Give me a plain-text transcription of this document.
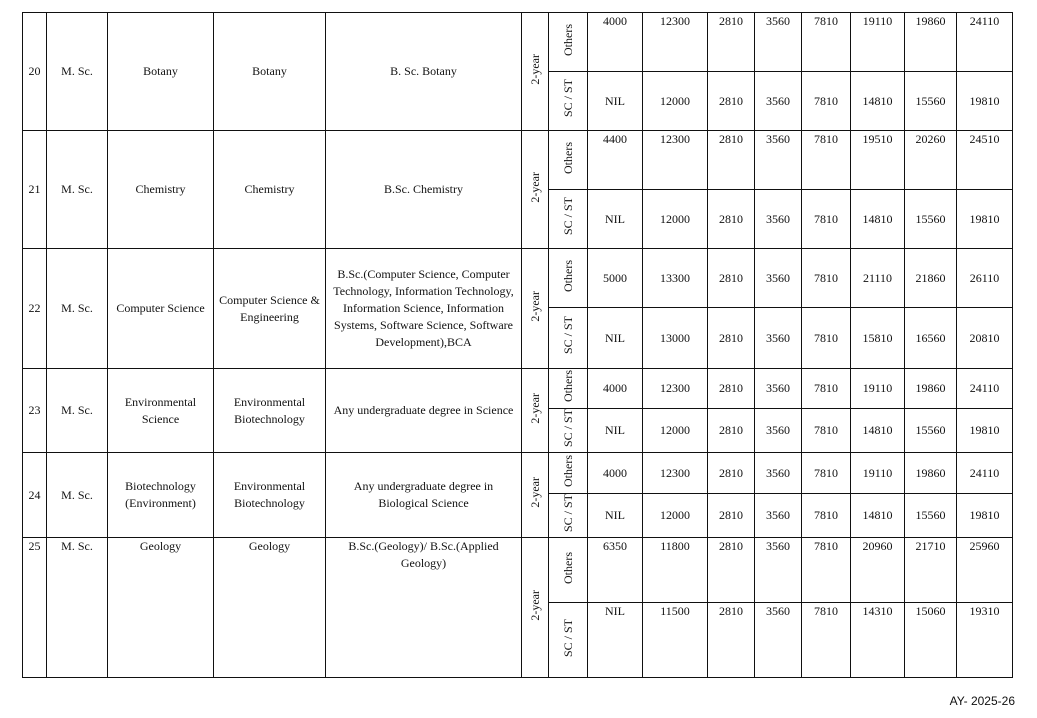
20	M. Sc.	Botany	Botany	B. Sc. Botany	2-year	Others	4000	12300	2810	3560	7810	19110	19860	24110
						SC / ST	NIL	12000	2810	3560	7810	14810	15560	19810
21	M. Sc.	Chemistry	Chemistry	B.Sc. Chemistry	2-year	Others	4400	12300	2810	3560	7810	19510	20260	24510
						SC / ST	NIL	12000	2810	3560	7810	14810	15560	19810
22	M. Sc.	Computer Science	Computer Science & Engineering	B.Sc.(Computer Science, Computer Technology, Information Technology, Information Science, Information Systems, Software Science, Software Development),BCA	2-year	Others	5000	13300	2810	3560	7810	21110	21860	26110
						SC / ST	NIL	13000	2810	3560	7810	15810	16560	20810
23	M. Sc.	Environmental Science	Environmental Biotechnology	Any undergraduate degree in Science	2-year	Others	4000	12300	2810	3560	7810	19110	19860	24110
						SC / ST	NIL	12000	2810	3560	7810	14810	15560	19810
24	M. Sc.	Biotechnology (Environment)	Environmental Biotechnology	Any undergraduate degree in Biological Science	2-year	Others	4000	12300	2810	3560	7810	19110	19860	24110
						SC / ST	NIL	12000	2810	3560	7810	14810	15560	19810
25	M. Sc.	Geology	Geology	B.Sc.(Geology)/ B.Sc.(Applied Geology)	2-year	Others	6350	11800	2810	3560	7810	20960	21710	25960
						SC / ST	NIL	11500	2810	3560	7810	14310	15060	19310
AY- 2025-26
